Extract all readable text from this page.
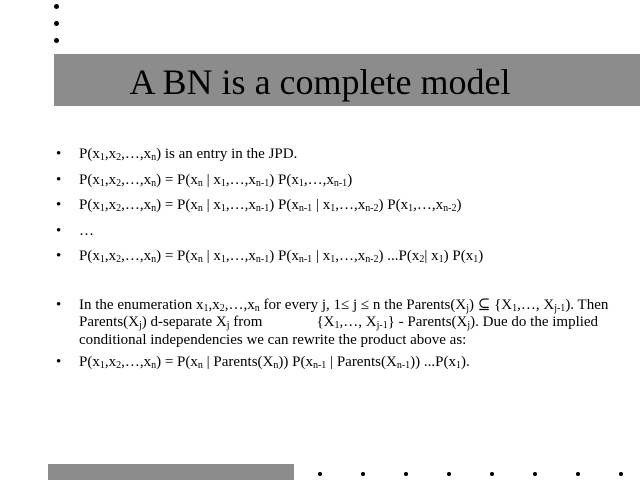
A BN is a complete model
• $P(x_1,x_2,\dots,x_n)$ is an entry in the JPD.
• $P(x_1,x_2,\dots,x_n) = P(x_n$ | $x_1,\dots,x_{n-1}$) $P(x_1,\dots,x_{n-1})$
• $P(x_1,x_2,\dots,x_n) = P(x_n$ | $x_1,\dots,x_{n-1}$) $P(x_{n-1}$ | $x_1,\dots,x_{n-2}$) $P(x_1,\dots,x_{n-2})$
• …
• $P(x_1,x_2,\dots,x_n) = P(x_n$ | $x_1,\dots,x_{n-1}$) $P(x_{n-1}$ | $x_1,\dots,x_{n-2}$) $...P(x_2|$ $x_1$) $P(x_1)$
• In the enumeration $x_1,x_2,\dots,x_n$ for every j, 1≤ j ≤ n the $Parents(X_j)$ ⊆ {$X_1,\dots$, $X_{j-1}$). Then $Parents(X_j)$ d-separate $X_j$ from	{$X_1,\dots$, $X_{j-1}$} - $Parents(X_j)$. Due do the implied conditional independencies we can rewrite the product above as:
• $P(x_1,x_2,\dots,x_n) = P(x_n$ | $Parents(X_n)$) $P(x_{n-1}$ | $Parents(X_{n-1})$) $...P(x_1)$.
